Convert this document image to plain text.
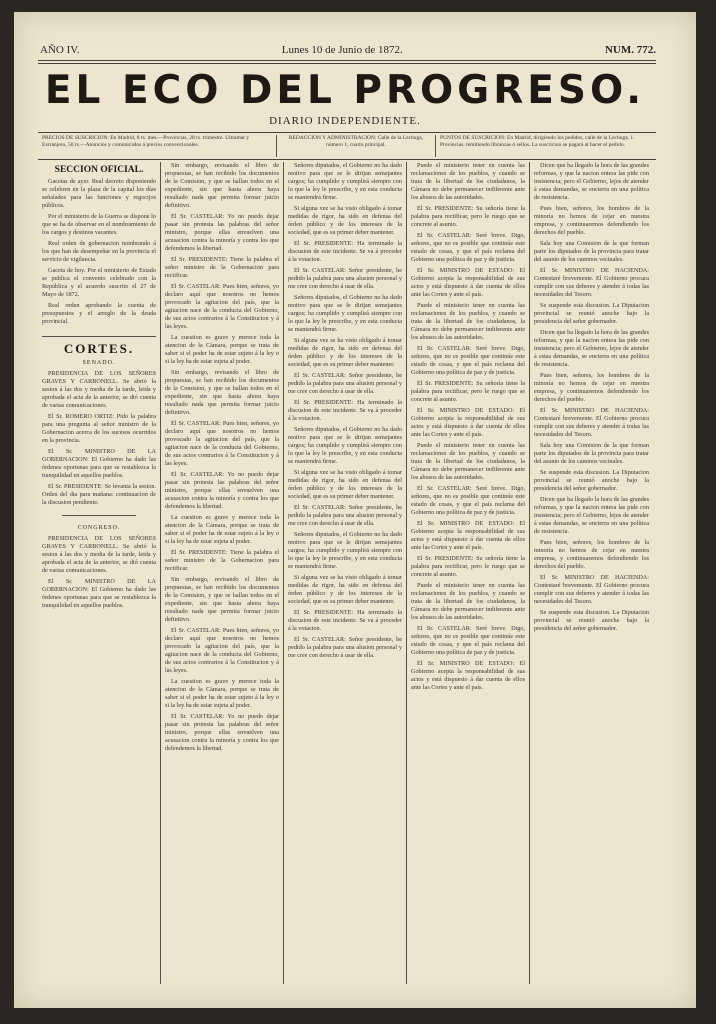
AÑO IV.	Lunes 10 de Junio de 1872.	NUM. 772.
EL ECO DEL PROGRESO.
DIARIO INDEPENDIENTE.
PRECIOS DE SUSCRICION: En Madrid, 8 rs. mes.—Provincias, 28 rs. trimestre. Ultramar y Extranjero, 50 rs.—Anuncios y comunicados á precios convencionales.
REDACCION Y ADMINISTRACION: Calle de la Lechuga, número 1, cuarto principal.
PUNTOS DE SUSCRICION: En Madrid, dirigiendo los pedidos, calle de la Lechuga, 1. Provincias, remitiendo libranzas ó sellos. La suscricion se pagará al hacer el pedido.
SECCION OFICIAL.

Gacetas de ayer. Real decreto disponiendo se celebren en la plaza de la capital los días señalados para las funciones y regocijos públicos.

Por el ministerio de la Guerra se dispone lo que se ha de observar en el nombramiento de los cargos y destinos vacantes.

Real orden de gobernacion nombrando á los que han de desempeñar en la provincia el servicio de vigilancia.

Gaceta de hoy. Por el ministerio de Estado se publica el convenio celebrado con la República y el acuerdo suscrito el 27 de Mayo de 1872.

Real orden aprobando la cuenta de presupuestos y el arreglo de la deuda provincial.

CORTES.
SENADO.

PRESIDENCIA DE LOS SEÑORES GRAVES Y CARBONELL. Se abrió la sesion á las dos y media de la tarde, leida y aprobada el acta de la anterior, se dió cuenta de varias comunicaciones.

El Sr. ROMERO ORTIZ: Pido la palabra para una pregunta al señor ministro de la Gobernacion acerca de los sucesos ocurridos en la provincia.

El Sr. MINISTRO DE LA GOBERNACION: El Gobierno ha dado las órdenes oportunas para que se restablezca la tranquilidad en aquellos pueblos.

El Sr. PRESIDENTE: Se levanta la sesion. Orden del dia para mañana: continuacion de la discusion pendiente.

CONGRESO.

PRESIDENCIA DE LOS SEÑORES GRAVES Y CARBONELL. Se abrió la sesion á las dos y media de la tarde, leida y aprobada el acta de la anterior, se dió cuenta de varias comunicaciones.

El Sr. MINISTRO DE LA GOBERNACION: El Gobierno ha dado las órdenes oportunas para que se restablezca la tranquilidad en aquellos pueblos.

Sin embargo, revisando el libro de propuestas, se han recibido los documentos de la Comision, y que se hallan todos en el expediente, sin que hasta ahora haya resultado nada que permita formar juicio definitivo.

El Sr. CASTELAR: Yo no puedo dejar pasar sin protesta las palabras del señor ministro, porque ellas envuelven una acusacion contra la minoría y contra los que defendemos la libertad.

El Sr. PRESIDENTE: Tiene la palabra el señor ministro de la Gobernacion para rectificar.

El Sr. CASTELAR: Pues bien, señores, yo declaro aquí que nosotros no hemos provocado la agitacion del país, que la agitacion nace de la conducta del Gobierno, de sus actos contrarios á la Constitucion y á las leyes.

La cuestion es grave y merece toda la atencion de la Cámara, porque se trata de saber si el poder ha de estar sujeto á la ley o si la ley ha de estar sujeta al poder.

Sin embargo, revisando el libro de propuestas, se han recibido los documentos de la Comision, y que se hallan todos en el expediente, sin que hasta ahora haya resultado nada que permita formar juicio definitivo.

El Sr. CASTELAR: Pues bien, señores, yo declaro aquí que nosotros no hemos provocado la agitacion del país, que la agitacion nace de la conducta del Gobierno, de sus actos contrarios á la Constitucion y á las leyes.

El Sr. CASTELAR: Yo no puedo dejar pasar sin protesta las palabras del señor ministro, porque ellas envuelven una acusacion contra la minoría y contra los que defendemos la libertad.

La cuestion es grave y merece toda la atencion de la Cámara, porque se trata de saber si el poder ha de estar sujeto á la ley o si la ley ha de estar sujeta al poder.

El Sr. PRESIDENTE: Tiene la palabra el señor ministro de la Gobernacion para rectificar.

Sin embargo, revisando el libro de propuestas, se han recibido los documentos de la Comision, y que se hallan todos en el expediente, sin que hasta ahora haya resultado nada que permita formar juicio definitivo.

El Sr. CASTELAR: Pues bien, señores, yo declaro aquí que nosotros no hemos provocado la agitacion del país, que la agitacion nace de la conducta del Gobierno, de sus actos contrarios á la Constitucion y á las leyes.

La cuestion es grave y merece toda la atencion de la Cámara, porque se trata de saber si el poder ha de estar sujeto á la ley o si la ley ha de estar sujeta al poder.

El Sr. CASTELAR: Yo no puedo dejar pasar sin protesta las palabras del señor ministro, porque ellas envuelven una acusacion contra la minoría y contra los que defendemos la libertad.

Señores diputados, el Gobierno no ha dado motivo para que se le dirijan semejantes cargos; ha cumplido y cumplirá siempre con lo que la ley le prescribe, y en esta conducta se mantendrá firme.

Si alguna vez se ha visto obligado á tomar medidas de rigor, ha sido en defensa del órden público y de los intereses de la sociedad, que es su primer deber mantener.

El Sr. PRESIDENTE: Ha terminado la discusion de este incidente. Se va á proceder á la votacion.

El Sr. CASTELAR: Señor presidente, he pedido la palabra para una alusion personal y me cree con derecho á usar de ella.

Señores diputados, el Gobierno no ha dado motivo para que se le dirijan semejantes cargos; ha cumplido y cumplirá siempre con lo que la ley le prescribe, y en esta conducta se mantendrá firme.

Si alguna vez se ha visto obligado á tomar medidas de rigor, ha sido en defensa del órden público y de los intereses de la sociedad, que es su primer deber mantener.

El Sr. CASTELAR: Señor presidente, he pedido la palabra para una alusion personal y me cree con derecho á usar de ella.

El Sr. PRESIDENTE: Ha terminado la discusion de este incidente. Se va á proceder á la votacion.

Señores diputados, el Gobierno no ha dado motivo para que se le dirijan semejantes cargos; ha cumplido y cumplirá siempre con lo que la ley le prescribe, y en esta conducta se mantendrá firme.

Si alguna vez se ha visto obligado á tomar medidas de rigor, ha sido en defensa del órden público y de los intereses de la sociedad, que es su primer deber mantener.

El Sr. CASTELAR: Señor presidente, he pedido la palabra para una alusion personal y me cree con derecho á usar de ella.

Señores diputados, el Gobierno no ha dado motivo para que se le dirijan semejantes cargos; ha cumplido y cumplirá siempre con lo que la ley le prescribe, y en esta conducta se mantendrá firme.

Si alguna vez se ha visto obligado á tomar medidas de rigor, ha sido en defensa del órden público y de los intereses de la sociedad, que es su primer deber mantener.

El Sr. PRESIDENTE: Ha terminado la discusion de este incidente. Se va á proceder á la votacion.

El Sr. CASTELAR: Señor presidente, he pedido la palabra para una alusion personal y me cree con derecho á usar de ella.

Puede el ministerio tener en cuenta las reclamaciones de los pueblos, y cuando se trata de la libertad de los ciudadanos, la Cámara no debe permanecer indiferente ante los abusos de las autoridades.

El Sr. PRESIDENTE: Su señoría tiene la palabra para rectificar, pero le ruego que se concrete al asunto.

El Sr. CASTELAR: Seré breve. Digo, señores, que no es posible que continúe este estado de cosas, y que el país reclama del Gobierno una política de paz y de justicia.

El Sr. MINISTRO DE ESTADO: El Gobierno acepta la responsabilidad de sus actos y está dispuesto á dar cuenta de ellos ante las Cortes y ante el país.

Puede el ministerio tener en cuenta las reclamaciones de los pueblos, y cuando se trata de la libertad de los ciudadanos, la Cámara no debe permanecer indiferente ante los abusos de las autoridades.

El Sr. CASTELAR: Seré breve. Digo, señores, que no es posible que continúe este estado de cosas, y que el país reclama del Gobierno una política de paz y de justicia.

El Sr. PRESIDENTE: Su señoría tiene la palabra para rectificar, pero le ruego que se concrete al asunto.

El Sr. MINISTRO DE ESTADO: El Gobierno acepta la responsabilidad de sus actos y está dispuesto á dar cuenta de ellos ante las Cortes y ante el país.

Puede el ministerio tener en cuenta las reclamaciones de los pueblos, y cuando se trata de la libertad de los ciudadanos, la Cámara no debe permanecer indiferente ante los abusos de las autoridades.

El Sr. CASTELAR: Seré breve. Digo, señores, que no es posible que continúe este estado de cosas, y que el país reclama del Gobierno una política de paz y de justicia.

El Sr. MINISTRO DE ESTADO: El Gobierno acepta la responsabilidad de sus actos y está dispuesto á dar cuenta de ellos ante las Cortes y ante el país.

El Sr. PRESIDENTE: Su señoría tiene la palabra para rectificar, pero le ruego que se concrete al asunto.

Puede el ministerio tener en cuenta las reclamaciones de los pueblos, y cuando se trata de la libertad de los ciudadanos, la Cámara no debe permanecer indiferente ante los abusos de las autoridades.

El Sr. CASTELAR: Seré breve. Digo, señores, que no es posible que continúe este estado de cosas, y que el país reclama del Gobierno una política de paz y de justicia.

El Sr. MINISTRO DE ESTADO: El Gobierno acepta la responsabilidad de sus actos y está dispuesto á dar cuenta de ellos ante las Cortes y ante el país.

Dicen que ha llegado la hora de las grandes reformas, y que la nacion entera las pide con insistencia; pero el Gobierno, lejos de atender á estas demandas, se encierra en una política de resistencia.

Pues bien, señores, los hombres de la minoría no hemos de cejar en nuestra empresa, y continuaremos defendiendo los derechos del pueblo.

Sala hoy una Comision de la que forman parte los diputados de la provincia para tratar del asunto de los caminos vecinales.

El Sr. MINISTRO DE HACIENDA: Contestaré brevemente. El Gobierno procura cumplir con sus deberes y atender á todas las necesidades del Tesoro.

Se suspende esta discusion. La Diputacion provincial se reunió anoche bajo la presidencia del señor gobernador.

Dicen que ha llegado la hora de las grandes reformas, y que la nacion entera las pide con insistencia; pero el Gobierno, lejos de atender á estas demandas, se encierra en una política de resistencia.

Pues bien, señores, los hombres de la minoría no hemos de cejar en nuestra empresa, y continuaremos defendiendo los derechos del pueblo.

El Sr. MINISTRO DE HACIENDA: Contestaré brevemente. El Gobierno procura cumplir con sus deberes y atender á todas las necesidades del Tesoro.

Sala hoy una Comision de la que forman parte los diputados de la provincia para tratar del asunto de los caminos vecinales.

Se suspende esta discusion. La Diputacion provincial se reunió anoche bajo la presidencia del señor gobernador.

Dicen que ha llegado la hora de las grandes reformas, y que la nacion entera las pide con insistencia; pero el Gobierno, lejos de atender á estas demandas, se encierra en una política de resistencia.

Pues bien, señores, los hombres de la minoría no hemos de cejar en nuestra empresa, y continuaremos defendiendo los derechos del pueblo.

El Sr. MINISTRO DE HACIENDA: Contestaré brevemente. El Gobierno procura cumplir con sus deberes y atender á todas las necesidades del Tesoro.

Se suspende esta discusion. La Diputacion provincial se reunió anoche bajo la presidencia del señor gobernador.
